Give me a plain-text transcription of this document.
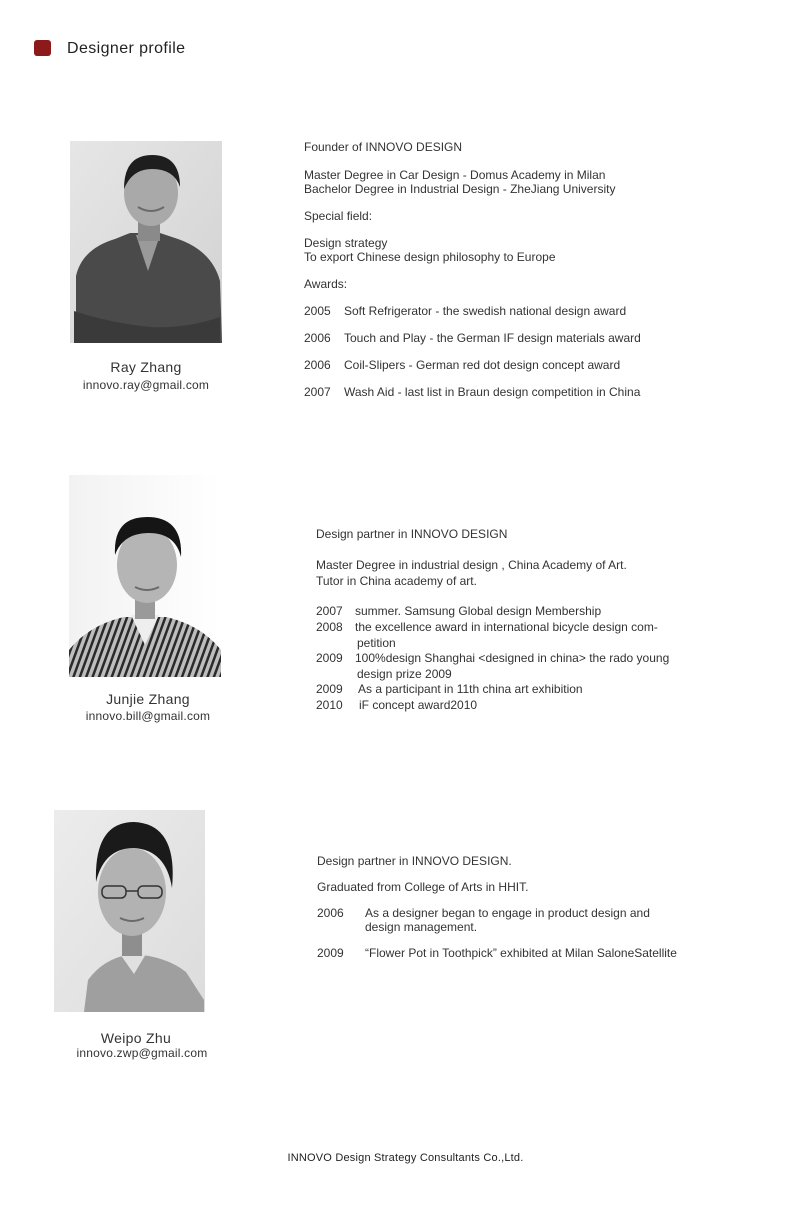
Designer profile
Ray Zhang
innovo.ray@gmail.com
Founder of INNOVO DESIGN
Master Degree in Car Design - Domus Academy in Milan
Bachelor Degree in Industrial Design - ZheJiang University
Special field:
Design strategy
To export Chinese design philosophy to Europe
Awards:
2005 Soft Refrigerator - the swedish national design award
2006 Touch and Play - the German IF design materials award
2006 Coil-Slipers - German red dot design concept award
2007 Wash Aid - last list in Braun design competition in China
Junjie Zhang
innovo.bill@gmail.com
Design partner in INNOVO DESIGN
Master Degree in industrial design , China Academy of Art.
Tutor in China academy of art.
2007 summer. Samsung Global design Membership
2008 the excellence award in international bicycle design com-
petition
2009 100%design Shanghai <designed in china> the rado young
design prize 2009
2009 As a participant in 11th china art exhibition
2010 iF concept award2010
Weipo Zhu
innovo.zwp@gmail.com
Design partner in INNOVO DESIGN.
Graduated from College of Arts in HHIT.
2006 As a designer began to engage in product design and
design management.
2009 “Flower Pot in Toothpick” exhibited at Milan SaloneSatellite
INNOVO Design Strategy Consultants Co.,Ltd.
